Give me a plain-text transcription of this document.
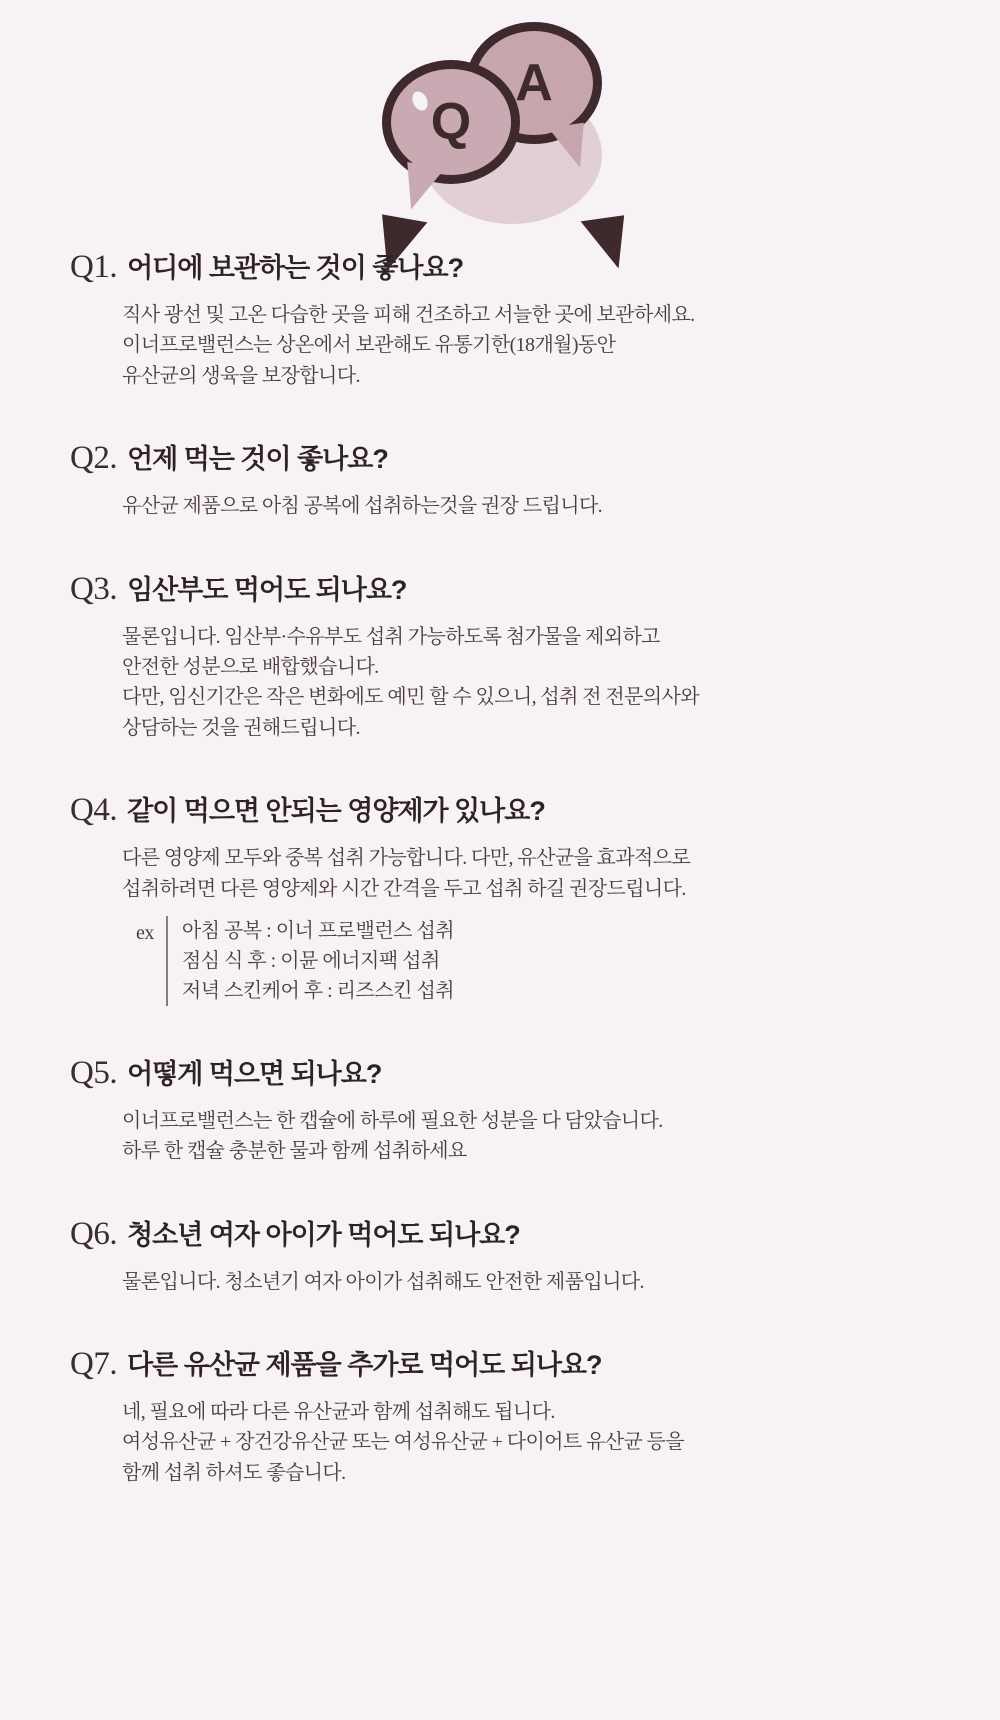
A
Q
Q1. 어디에 보관하는 것이 좋나요?

직사 광선 및 고온 다습한 곳을 피해 건조하고 서늘한 곳에 보관하세요.

이너프로밸런스는 상온에서 보관해도 유통기한(18개월)동안

유산균의 생육을 보장합니다.

Q2. 언제 먹는 것이 좋나요?

유산균 제품으로 아침 공복에 섭취하는것을 권장 드립니다.

Q3. 임산부도 먹어도 되나요?

물론입니다. 임산부·수유부도 섭취 가능하도록 첨가물을 제외하고

안전한 성분으로 배합했습니다.

다만, 임신기간은 작은 변화에도 예민 할 수 있으니, 섭취 전 전문의사와

상담하는 것을 권해드립니다.

Q4. 같이 먹으면 안되는 영양제가 있나요?

다른 영양제 모두와 중복 섭취 가능합니다. 다만, 유산균을 효과적으로

섭취하려면 다른 영양제와 시간 간격을 두고 섭취 하길 권장드립니다.

ex	아침 공복 : 이너 프로밸런스 섭취

점심 식 후 : 이뮨 에너지팩 섭취

저녁 스킨케어 후 : 리즈스킨 섭취

Q5. 어떻게 먹으면 되나요?

이너프로밸런스는 한 캡슐에 하루에 필요한 성분을 다 담았습니다.

하루 한 캡슐 충분한 물과 함께 섭취하세요

Q6. 청소년 여자 아이가 먹어도 되나요?

물론입니다. 청소년기 여자 아이가 섭취해도 안전한 제품입니다.

Q7. 다른 유산균 제품을 추가로 먹어도 되나요?

네, 필요에 따라 다른 유산균과 함께 섭취해도 됩니다.

여성유산균 + 장건강유산균 또는 여성유산균 + 다이어트 유산균 등을

함께 섭취 하셔도 좋습니다.
